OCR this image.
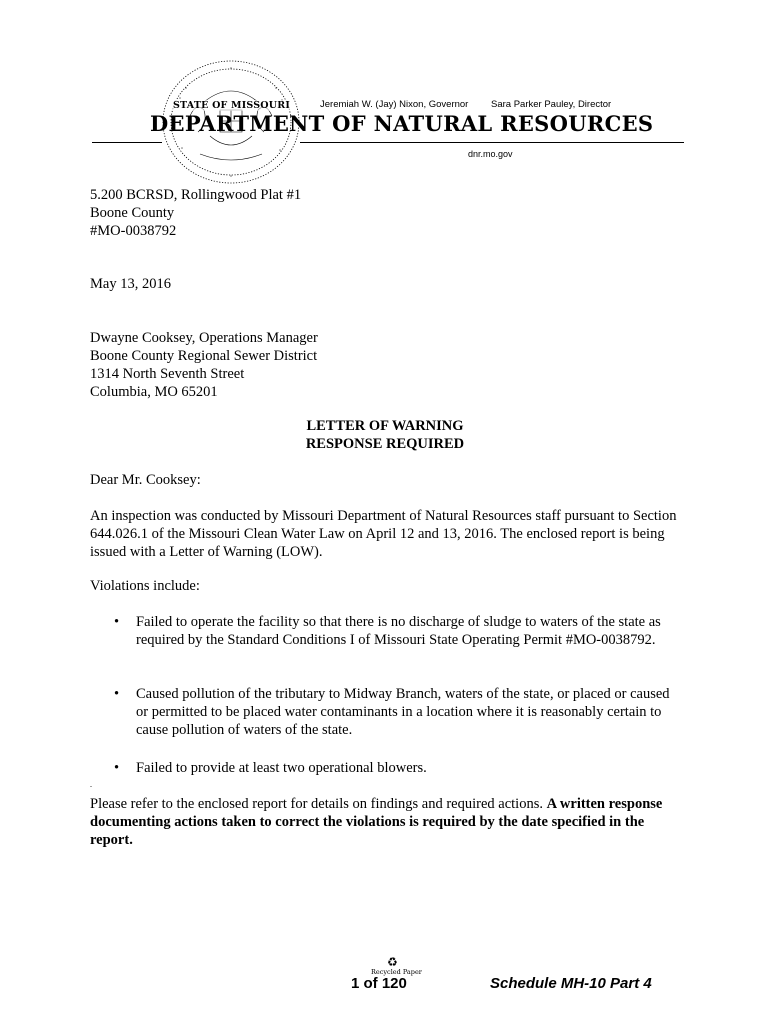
STATE OF MISSOURI	Jeremiah W. (Jay) Nixon, Governor Sara Parker Pauley, Director
DEPARTMENT OF NATURAL RESOURCES
dnr.mo.gov
5.200 BCRSD, Rollingwood Plat #1
Boone County
#MO-0038792
May 13, 2016
Dwayne Cooksey, Operations Manager
Boone County Regional Sewer District
1314 North Seventh Street
Columbia, MO 65201
LETTER OF WARNING
RESPONSE REQUIRED
Dear Mr. Cooksey:
An inspection was conducted by Missouri Department of Natural Resources staff pursuant to Section 644.026.1 of the Missouri Clean Water Law on April 12 and 13, 2016. The enclosed report is being issued with a Letter of Warning (LOW).
Violations include:
• Failed to operate the facility so that there is no discharge of sludge to waters of the state as required by the Standard Conditions I of Missouri State Operating Permit #MO-0038792.
• Caused pollution of the tributary to Midway Branch, waters of the state, or placed or caused or permitted to be placed water contaminants in a location where it is reasonably certain to cause pollution of waters of the state.
• Failed to provide at least two operational blowers.
.
Please refer to the enclosed report for details on findings and required actions. A written response documenting actions taken to correct the violations is required by the date specified in the report.
♻
Recycled Paper
1 of 120	Schedule MH-10 Part 4
